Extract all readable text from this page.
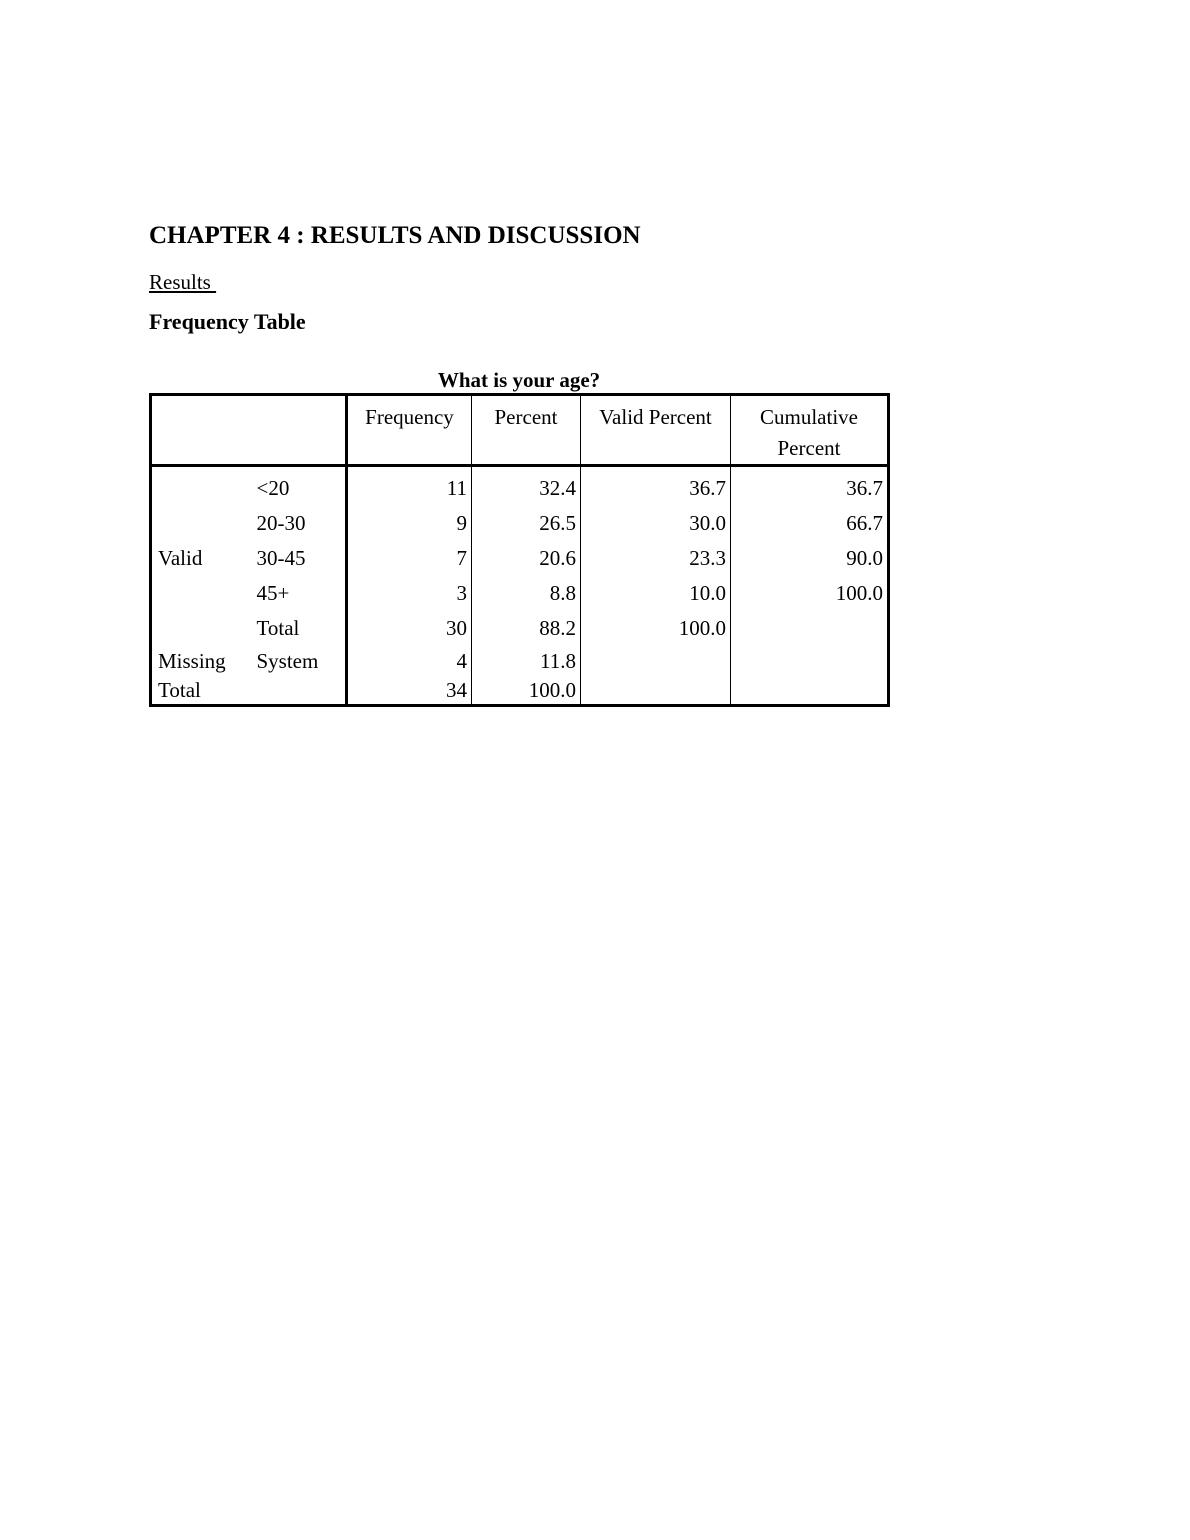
CHAPTER 4 : RESULTS AND DISCUSSION
Results
Frequency Table
What is your age?
		Frequency	Percent	Valid Percent	Cumulative Percent
Valid	<20	11	32.4	36.7	36.7
	20-30	9	26.5	30.0	66.7
	30-45	7	20.6	23.3	90.0
	45+	3	8.8	10.0	100.0
	Total	30	88.2	100.0	
Missing	System	4	11.8		
Total		34	100.0		
